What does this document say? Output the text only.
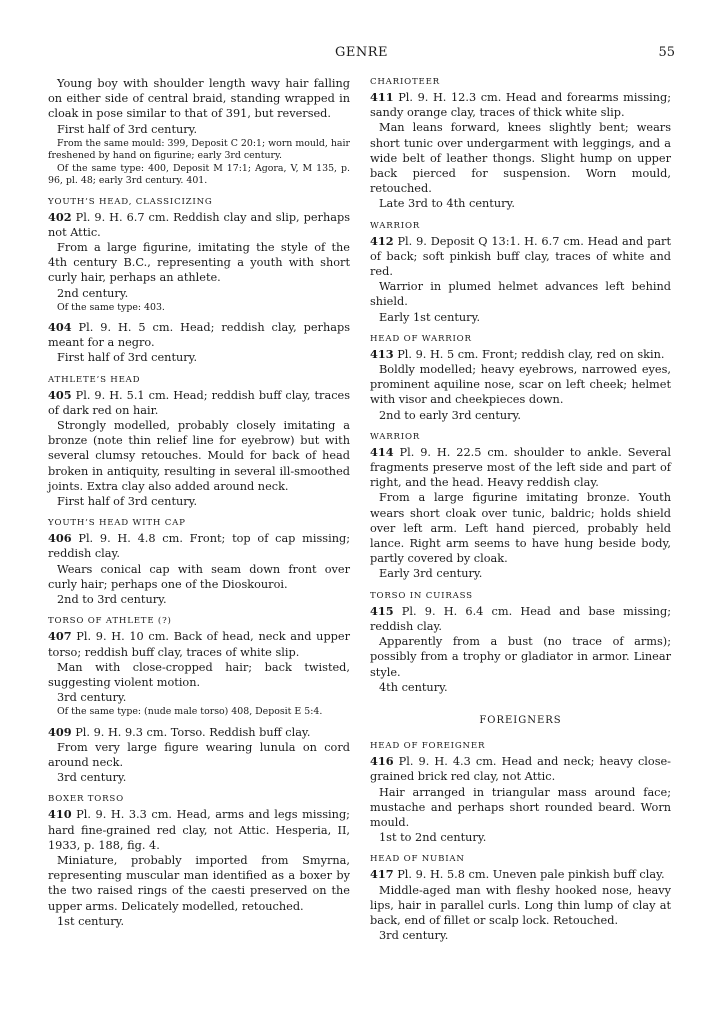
GENRE	55

Young boy with shoulder length wavy hair falling on either side of central braid, standing wrapped in cloak in pose similar to that of 391, but reversed.

First half of 3rd century.

From the same mould: 399, Deposit C 20:1; worn mould, hair freshened by hand on figurine; early 3rd century.

Of the same type: 400, Deposit M 17:1; Agora, V, M 135, p. 96, pl. 48; early 3rd century. 401.

YOUTH’S HEAD, CLASSICIZING

402 Pl. 9. H. 6.7 cm. Reddish clay and slip, perhaps not Attic.

From a large figurine, imitating the style of the 4th century B.C., representing a youth with short curly hair, perhaps an athlete.

2nd century.

Of the same type: 403.

404 Pl. 9. H. 5 cm. Head; reddish clay, perhaps meant for a negro.

First half of 3rd century.

ATHLETE’S HEAD

405 Pl. 9. H. 5.1 cm. Head; reddish buff clay, traces of dark red on hair.

Strongly modelled, probably closely imitating a bronze (note thin relief line for eyebrow) but with several clumsy retouches. Mould for back of head broken in antiquity, resulting in several ill-smoothed joints. Extra clay also added around neck.

First half of 3rd century.

YOUTH’S HEAD WITH CAP

406 Pl. 9. H. 4.8 cm. Front; top of cap missing; reddish clay.

Wears conical cap with seam down front over curly hair; perhaps one of the Dioskouroi.

2nd to 3rd century.

TORSO OF ATHLETE (?)

407 Pl. 9. H. 10 cm. Back of head, neck and upper torso; reddish buff clay, traces of white slip.

Man with close-cropped hair; back twisted, suggesting violent motion.

3rd century.

Of the same type: (nude male torso) 408, Deposit E 5:4.

409 Pl. 9. H. 9.3 cm. Torso. Reddish buff clay.

From very large figure wearing lunula on cord around neck.

3rd century.

BOXER TORSO

410 Pl. 9. H. 3.3 cm. Head, arms and legs missing; hard fine-grained red clay, not Attic. Hesperia, II, 1933, p. 188, fig. 4.

Miniature, probably imported from Smyrna, representing muscular man identified as a boxer by the two raised rings of the caesti preserved on the upper arms. Delicately modelled, retouched.

1st century.

CHARIOTEER

411 Pl. 9. H. 12.3 cm. Head and forearms missing; sandy orange clay, traces of thick white slip.

Man leans forward, knees slightly bent; wears short tunic over undergarment with leggings, and a wide belt of leather thongs. Slight hump on upper back pierced for suspension. Worn mould, retouched.

Late 3rd to 4th century.

WARRIOR

412 Pl. 9. Deposit Q 13:1. H. 6.7 cm. Head and part of back; soft pinkish buff clay, traces of white and red.

Warrior in plumed helmet advances left behind shield.

Early 1st century.

HEAD OF WARRIOR

413 Pl. 9. H. 5 cm. Front; reddish clay, red on skin.

Boldly modelled; heavy eyebrows, narrowed eyes, prominent aquiline nose, scar on left cheek; helmet with visor and cheekpieces down.

2nd to early 3rd century.

WARRIOR

414 Pl. 9. H. 22.5 cm. shoulder to ankle. Several fragments preserve most of the left side and part of right, and the head. Heavy reddish clay.

From a large figurine imitating bronze. Youth wears short cloak over tunic, baldric; holds shield over left arm. Left hand pierced, probably held lance. Right arm seems to have hung beside body, partly covered by cloak.

Early 3rd century.

TORSO IN CUIRASS

415 Pl. 9. H. 6.4 cm. Head and base missing; reddish clay.

Apparently from a bust (no trace of arms); possibly from a trophy or gladiator in armor. Linear style.

4th century.

FOREIGNERS
HEAD OF FOREIGNER

416 Pl. 9. H. 4.3 cm. Head and neck; heavy close-grained brick red clay, not Attic.

Hair arranged in triangular mass around face; mustache and perhaps short rounded beard. Worn mould.

1st to 2nd century.

HEAD OF NUBIAN

417 Pl. 9. H. 5.8 cm. Uneven pale pinkish buff clay.

Middle-aged man with fleshy hooked nose, heavy lips, hair in parallel curls. Long thin lump of clay at back, end of fillet or scalp lock. Retouched.

3rd century.
